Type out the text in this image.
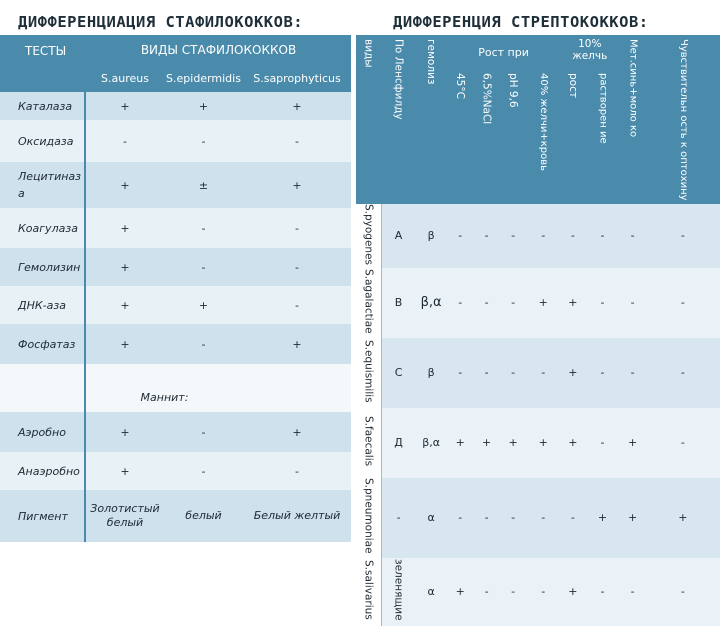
ДИФФЕРЕНЦИАЦИЯ СТАФИЛОКОККОВ:	ДИФФЕРЕНЦИЯ СТРЕПТОКОККОВ:
ТЕСТЫ	ВИДЫ СТАФИЛОКОККОВ		
	S.aureus	S.epidermidis	S.saprophyticus
Каталаза	+	+	+
Оксидаза	-	-	-
Лецитиназ а	+	±	+
Коагулаза	+	-	-
Гемолизин	+	-	-
ДНК-аза	+	+	-
Фосфатаз	+	-	+
	Маннит:		
Аэробно	+	-	+
Анаэробно	+	-	-
Пигмент	Золотистый белый	белый	Белый желтый
виды	По Ленсфилду	гемолиз	Рост при				10% желчь		Мет.синь+моло ко	Чувствительн ость к оптохину
			45°С	6,5%NaCl	pH 9,6	40% желчи+кровь	рост	растворен ие		
S.pyogenes	A	β	-	-	-	-	-	-	-	-
S.agalactiae	B	β,α	-	-	-	+	+	-	-	-
S.equismilis	C	β	-	-	-	-	+	-	-	-
S.faecalis	Д	β,α	+	+	+	+	+	-	+	-
S.pneumoniae	-	α	-	-	-	-	-	+	+	+
S.salivarius	зеленящие	α	+	-	-	-	+	-	-	-
